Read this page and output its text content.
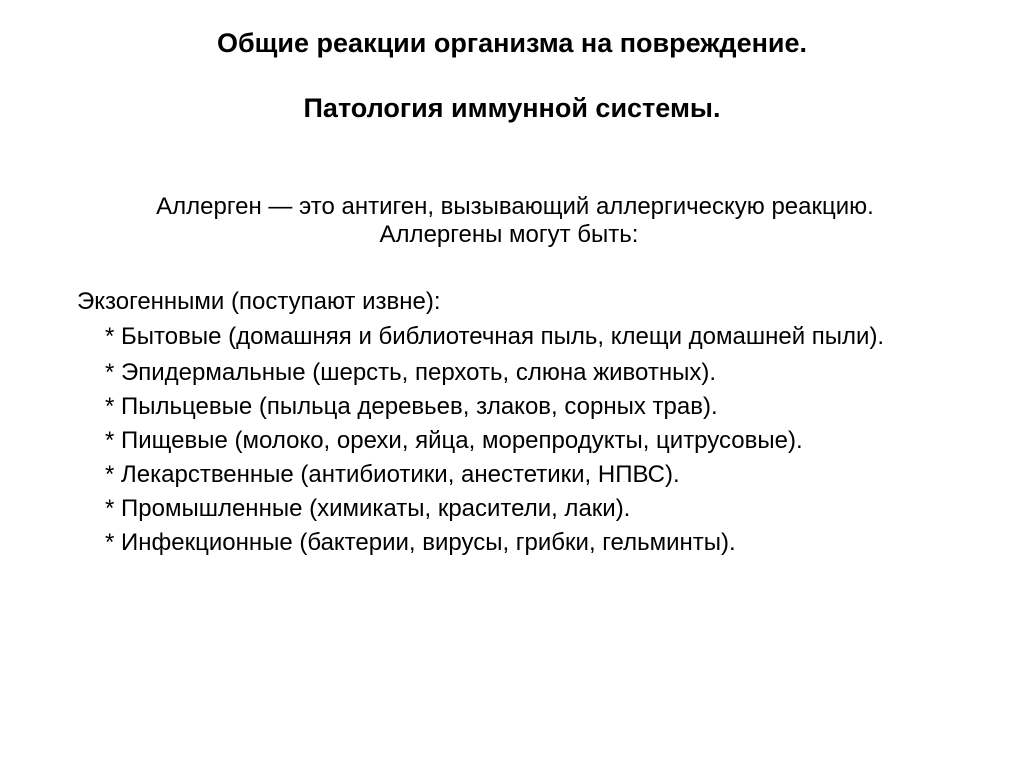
Общие реакции организма на повреждение.
Патология иммунной системы.
Аллерген — это антиген, вызывающий аллергическую реакцию.
Аллергены могут быть:
Экзогенными (поступают извне):
* Бытовые (домашняя и библиотечная пыль, клещи домашней пыли).
* Эпидермальные (шерсть, перхоть, слюна животных).
* Пыльцевые (пыльца деревьев, злаков, сорных трав).
* Пищевые (молоко, орехи, яйца, морепродукты, цитрусовые).
* Лекарственные (антибиотики, анестетики, НПВС).
* Промышленные (химикаты, красители, лаки).
* Инфекционные (бактерии, вирусы, грибки, гельминты).
